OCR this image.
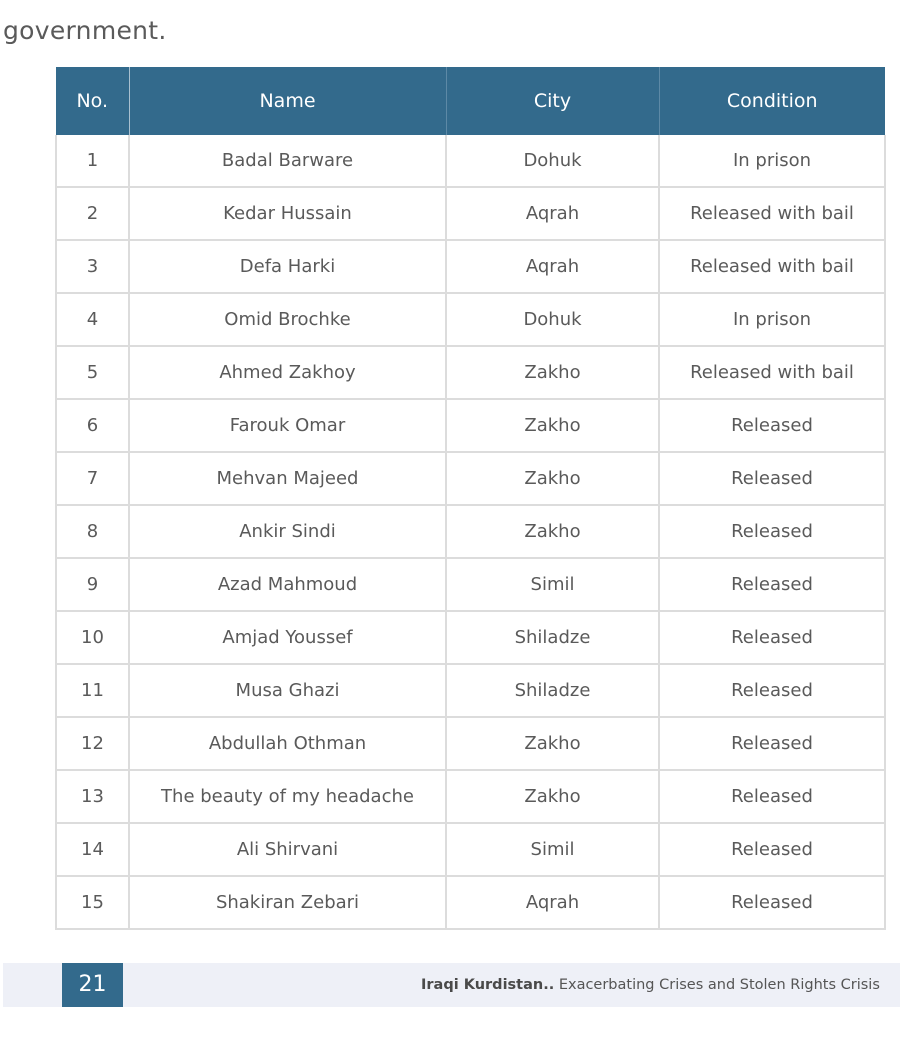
government.
No.	Name	City	Condition
1	Badal Barware	Dohuk	In prison
2	Kedar Hussain	Aqrah	Released with bail
3	Defa Harki	Aqrah	Released with bail
4	Omid Brochke	Dohuk	In prison
5	Ahmed Zakhoy	Zakho	Released with bail
6	Farouk Omar	Zakho	Released
7	Mehvan Majeed	Zakho	Released
8	Ankir Sindi	Zakho	Released
9	Azad Mahmoud	Simil	Released
10	Amjad Youssef	Shiladze	Released
11	Musa Ghazi	Shiladze	Released
12	Abdullah Othman	Zakho	Released
13	The beauty of my headache	Zakho	Released
14	Ali Shirvani	Simil	Released
15	Shakiran Zebari	Aqrah	Released
21	Iraqi Kurdistan.. Exacerbating Crises and Stolen Rights Crisis
